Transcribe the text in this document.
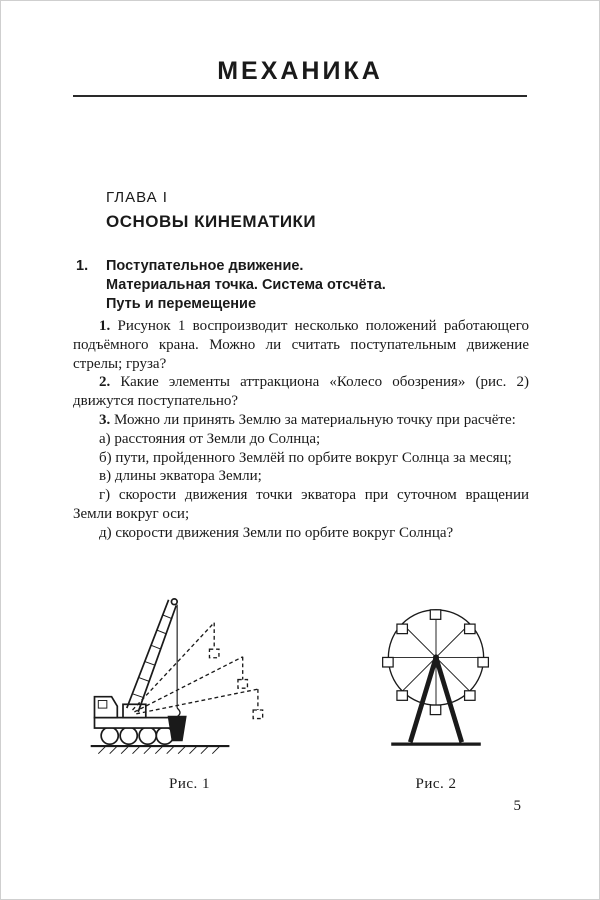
МЕХАНИКА
ГЛАВА I
ОСНОВЫ КИНЕМАТИКИ
1.	Поступательное движение.
Материальная точка. Система отсчёта.
Путь и перемещение

1. Рисунок 1 воспроизводит несколько положений работающего подъёмного крана. Можно ли считать поступательным движение стрелы; груза?

2. Какие элементы аттракциона «Колесо обозрения» (рис. 2) движутся поступательно?

3. Можно ли принять Землю за материальную точку при расчёте:

а) расстояния от Земли до Солнца;

б) пути, пройденного Землёй по орбите вокруг Солнца за месяц;

в) длины экватора Земли;

г) скорости движения точки экватора при суточном вращении Земли вокруг оси;

д) скорости движения Земли по орбите вокруг Солнца?

Рис. 1	Рис. 2
5
